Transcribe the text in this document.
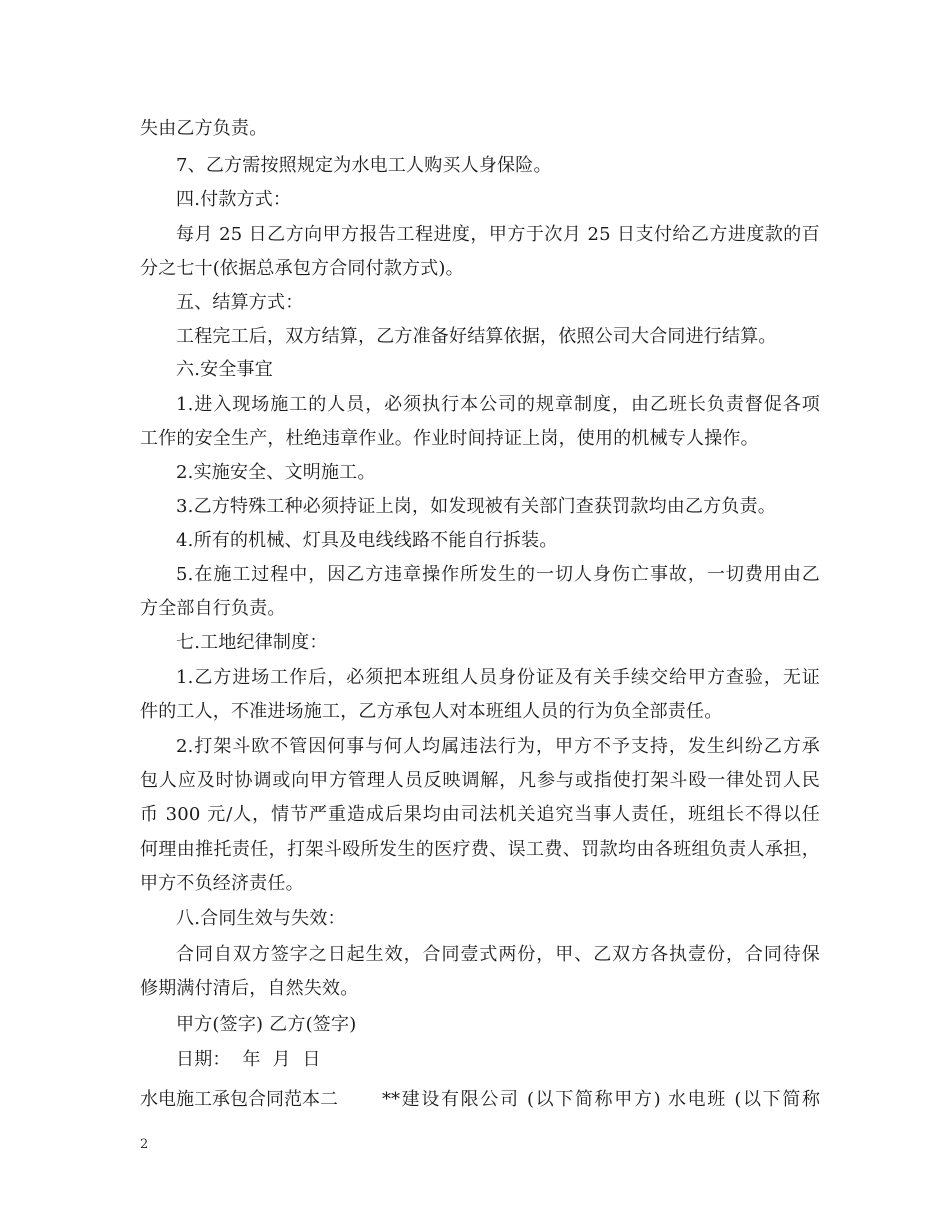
失由乙方负责。
7、乙方需按照规定为水电工人购买人身保险。
四.付款方式：
每月 25 日乙方向甲方报告工程进度，甲方于次月 25 日支付给乙方进度款的百
分之七十(依据总承包方合同付款方式)。
五、结算方式：
工程完工后，双方结算，乙方准备好结算依据，依照公司大合同进行结算。
六.安全事宜
1.进入现场施工的人员，必须执行本公司的规章制度，由乙班长负责督促各项
工作的安全生产，杜绝违章作业。作业时间持证上岗，使用的机械专人操作。
2.实施安全、文明施工。
3.乙方特殊工种必须持证上岗，如发现被有关部门查获罚款均由乙方负责。
4.所有的机械、灯具及电线线路不能自行拆装。
5.在施工过程中，因乙方违章操作所发生的一切人身伤亡事故，一切费用由乙
方全部自行负责。
七.工地纪律制度：
1.乙方进场工作后，必须把本班组人员身份证及有关手续交给甲方查验，无证
件的工人，不准进场施工，乙方承包人对本班组人员的行为负全部责任。
2.打架斗欧不管因何事与何人均属违法行为，甲方不予支持，发生纠纷乙方承
包人应及时协调或向甲方管理人员反映调解，凡参与或指使打架斗殴一律处罚人民
币 300 元/人，情节严重造成后果均由司法机关追究当事人责任，班组长不得以任
何理由推托责任，打架斗殴所发生的医疗费、误工费、罚款均由各班组负责人承担，
甲方不负经济责任。
八.合同生效与失效：
合同自双方签字之日起生效，合同壹式两份，甲、乙双方各执壹份，合同待保
修期满付清后，自然失效。
甲方(签字) 乙方(签字)
日期：  年  月  日
水电施工承包合同范本二 **建设有限公司 (以下简称甲方) 水电班 (以下简称
2
